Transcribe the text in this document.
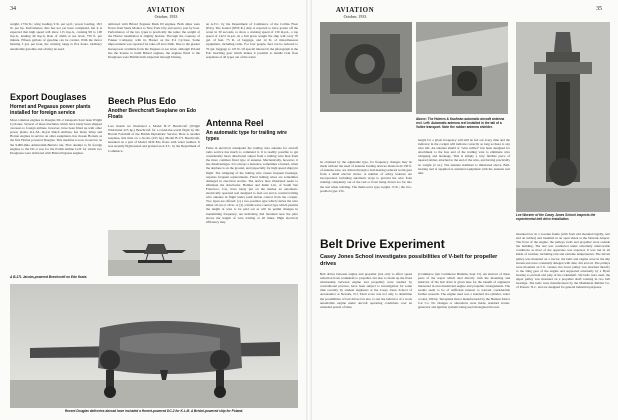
34	AVIATION
October, 1933
weight, 1734 lb.; wing loading, 9 lb. per sq.ft.; power loading, 18.5 lb. per hp. Performance data has not yet been completed, but it is expected that high speed will show 115 m.p.h., cruising 98 to 100 m.p.h., landing 40 m.p.h. Rate of climb at sea level, 750 ft. per minute. Fifteen gallons of gasoline can be carried. With the motor burning 3 gal. per hour, the cruising range is five hours. Ordinary automobile gasoline and oil may be used.
Export Douglases
Hornet and Pegasus power plants installed for foreign service
Most common engines in Douglas DC-2 transports have been Wright Cyclones. Several of these machines which have lately been shipped overseas to foreign airlines, however, have been fitted up with other power plants. K.L.M., Royal Dutch Airlines, has many Wasp and Hornet engines in service on other equipment, has chosen Hornets as the first Hornet powered Douglas. This machine is now in service on the 9,000-mile Amsterdam-Batavia run. First attempt to fit foreign engines to the DC-2 was for the Polish Airline LOT for which two Douglases were delivered with Bristol Pegasus engines.
delivered with Bristol Pegasus Mark III engines. Both ships were flown from Santa Monica to New York City and sent to port by boat. Performance of the two types is practically the same; the weight of the Hornet installation is slightly heavier. Through the courtesy of Fokker Company, with its Hornet on the P-2 Cyclone. Some improvement was reported for take-off and climb. Due to the greater horsepower available from the Pegasus at sea level, although Poland has the license to build Bristol engines, the engines fitted to the Douglases were British built, imported through Danzig.
Beech Plus Edo
Another Beechcraft Seaplane on Edo Floats
Last month we illustrated a Model B-17 Beechcraft (Wright Whirlwind 225 hp.) Beechcraft for a round-the-world flight by Mr. Harold Fairchild of the British Diplomatic Service. Here is another seaplane, this time on a Jacobs (225 hp.) Model B-17L Beechcraft, mounted on a pair of Model 3430 Edo floats with water rudders. It was recently flight-tested and granted an A.T.C. by the Department of Commerce.
an A.T.C. by the Department of Commerce of the Collins Fleet (Edo). The loaded (3050 lb.) ship is reported to have gotten off the water in 30 seconds, to show a cruising speed of 130 m.p.h., a top speed of 142.5 m.p.h. At a full gross weight the ship will carry 70 gal. of fuel, 75 lb. of baggage, and 14 lb. of miscellaneous equipment, including radio. For four people, fuel can be reduced to 70 gal. baggage to 125 lb. Of special interest in the photograph is the Edo beaching gear which makes it possible to handle twin float seaplanes of all types out of the water.
Antenna Reel
An automatic type for trailing wire types
Fame in electrical standpoint the trailing wire antenna for aircraft radio service has much to commend it. It is readily possible to get considerably more directional output from a trailing wire than from the more common fixed type of antenna. Mechanically, however, it has disadvantages. It is always a nuisance, sometimes a hazard, when the airplane is on the ground, and (especially for high speed ships) in flight. The whipping of the trailing wire causes frequent breakage, requires frequent replacements. Fixed trailing wires are sometimes damaged in electrical storms. The device here illustrated seeks to eliminate the drawbacks. Holmes and Kuhn Ltd., of South San Francisco, Cal., have lately put on the market an automatic, electrically operated reel designed to feed out and to rewind trailing wire antenna in flight under push button control from the cockpit. Two types are offered: (1) a two-position type which carries the wire either all out or all in, or (2) a multi-wave control type which permits the length of wire to be paid out as will be permit changes in transmitting frequency. An indicating dial mounted near the pilot shows the length of wire trailing at all times. High electrical efficiency may
A B-17L Jacobs-powered Beechcraft on Edo floats.
Recent Douglas deliveries abroad have included a Hornet-powered DC-2 for K.L.M. A Bristol-powered ship for Poland.
AVIATION
October, 1933
35
Above: The Holmes & Kaufman automatic aircraft antenna reel. Left: Automatic antenna reel installed in the tail of a Vultee transport. Note the rubber antenna shielder.
be obtained by the adjustable type, for frequency changes may be made without the need of antenna loading devices. Reels hold 150 ft. of antenna wire, are driven through a ball-bearing reduced worm gear from a small electric motor. A number of safety features are incorporated, including automatic stops to prevent the wire from running completely out of the reel or from being drawn too far into the reel when winding. The multi-wave type weighs 15 lb.; the two-position type, 9 lb.
length for a given frequency will still be fed out every time and the indicator in the cockpit will indicate correctly as long as there is any wire left. An antenna shield or "wire rubber" has been designed for attachment to the free end of the trailing wire to eliminate wire whipping and breakage. This is simply a very flexible piece of tapered rubber, attached to the end of the wire, and having practically no weight (2 oz.). The antenna stabilizer is illustrated above. Ball-bearing reel is supplied as standard equipment with the antenna reel unit.
Lee Wurster of the Casey Jones School inspects the experimental belt drive installation.
Belt Drive Experiment
Casey Jones School investigates possibilities of V-belt for propeller drives
Belt drives between engine and propeller (not only to effect speed reduction from crankshaft to propeller, but also to break up the fixed relationship between engine and propeller) were studied by conventional practice, have been subject to investigation for some time recently by student engineers at the Casey Jones School of Aeronautics at Newark, N.J. Their score was not only to determine the possibilities of belt drives but also to test the behavior of a stock automobile engine under aircraft operating conditions over an extended period of time.
(Commerce (Air Commerce Bulletin, Sept 15). An abstract of these parts of the report which deal directly with the mounting and behavior of the belt drive is given here for the benefit of engineers interested in unconventional engine and propeller arrangements. The results seem to be of sufficient interest to warrant considerable further research. The engine used was a standard six-cylinder, water cooled, 109 hp. Terraplane motor manufactured by the Hudson Motor Car Co. No changes or alterations were made, standard starter, generator and ignition systems being used throughout the test.
mounted low in a wooden frame (with front end mounted rigidly, rear end on rubber) and installed in an open shack at the Newark Airport. The front of the engine, the pulleys, belts and propeller were outside the building. The test was conducted under extremely unfavorable conditions as most of the apparatus was exposed. It was run in all kinds of weather, including rain and extreme temperatures. The driven pulley was mounted on a tractor, the belts and engine were in the slip stream and were constantly deluged with dust, dirt and oil. The pulleys were mounted on 5 ft. centers, the lower pulley was attached directly to the sling gear of the engine and supported externally by a Hyatt bearing to prevent end play of the crankshaft. Six belts were used, the upper pulley was mounted on a propeller shaft rotating in two ball bearings. The belts were manufactured by the Manhattan Rubber Co. of Passaic, N.J., and are designed for general industrial purposes.
